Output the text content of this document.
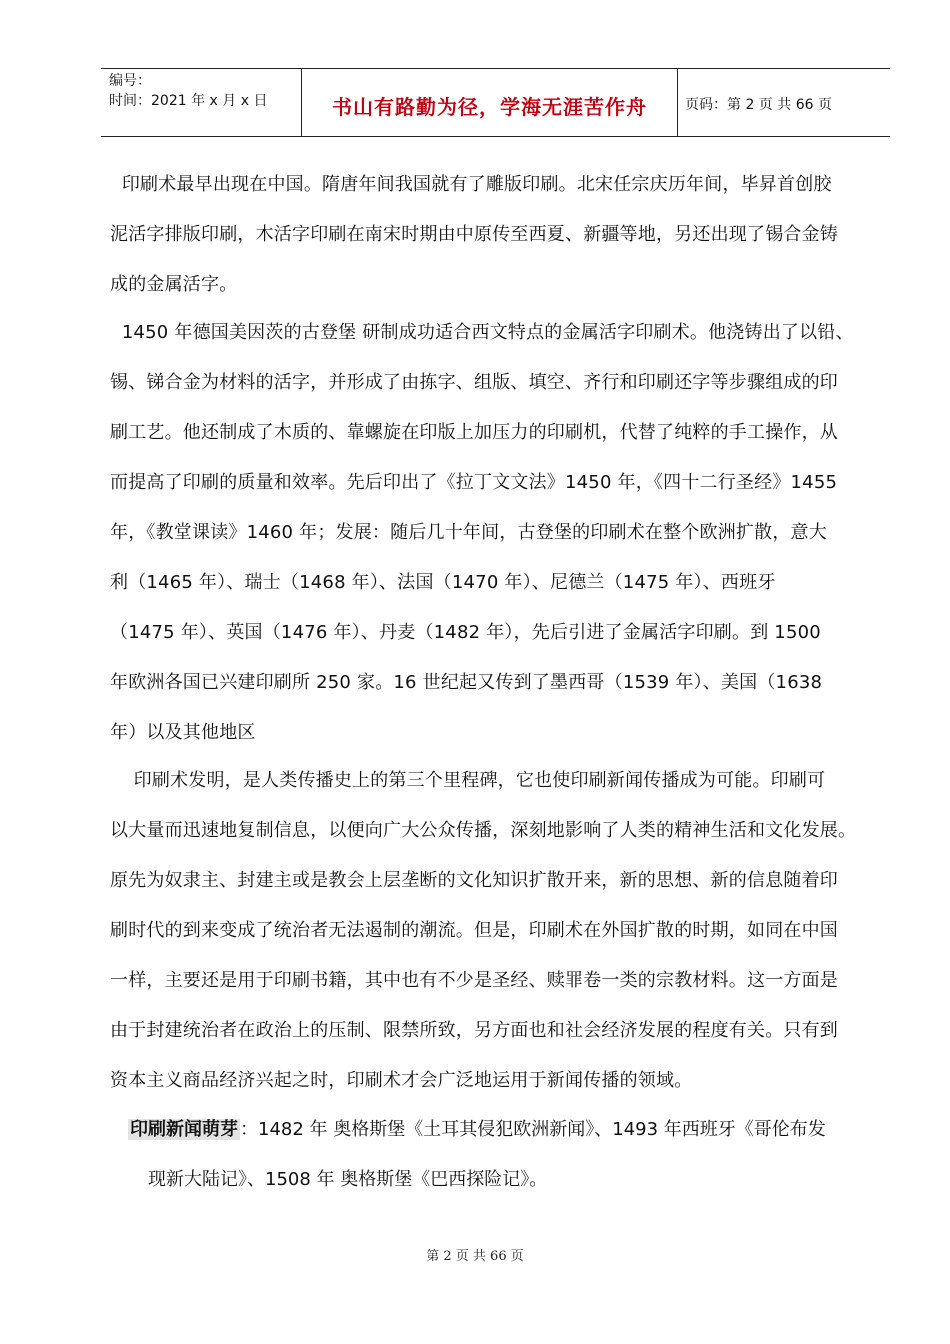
编号：
时间：2021 年 x 月 x 日	书山有路勤为径，学海无涯苦作舟	页码：第 2 页 共 66 页

印刷术最早出现在中国。隋唐年间我国就有了雕版印刷。北宋任宗庆历年间，毕昇首创胶

泥活字排版印刷，木活字印刷在南宋时期由中原传至西夏、新疆等地，另还出现了锡合金铸

成的金属活字。

1450 年德国美因茨的古登堡 研制成功适合西文特点的金属活字印刷术。他浇铸出了以铅、

锡、锑合金为材料的活字，并形成了由拣字、组版、填空、齐行和印刷还字等步骤组成的印

刷工艺。他还制成了木质的、靠螺旋在印版上加压力的印刷机，代替了纯粹的手工操作，从

而提高了印刷的质量和效率。先后印出了《拉丁文文法》1450 年，《四十二行圣经》1455

年，《教堂课读》1460 年；发展：随后几十年间，古登堡的印刷术在整个欧洲扩散，意大

利（1465 年）、瑞士（1468 年）、法国（1470 年）、尼德兰（1475 年）、西班牙

（1475 年）、英国（1476 年）、丹麦（1482 年），先后引进了金属活字印刷。到 1500

年欧洲各国已兴建印刷所 250 家。16 世纪起又传到了墨西哥（1539 年）、美国（1638

年）以及其他地区

印刷术发明，是人类传播史上的第三个里程碑，它也使印刷新闻传播成为可能。印刷可

以大量而迅速地复制信息，以便向广大公众传播，深刻地影响了人类的精神生活和文化发展。

原先为奴隶主、封建主或是教会上层垄断的文化知识扩散开来，新的思想、新的信息随着印

刷时代的到来变成了统治者无法遏制的潮流。但是，印刷术在外国扩散的时期，如同在中国

一样，主要还是用于印刷书籍，其中也有不少是圣经、赎罪卷一类的宗教材料。这一方面是

由于封建统治者在政治上的压制、限禁所致，另方面也和社会经济发展的程度有关。只有到

资本主义商品经济兴起之时，印刷术才会广泛地运用于新闻传播的领域。

印刷新闻萌芽 ：1482 年 奥格斯堡《土耳其侵犯欧洲新闻》、1493 年西班牙《哥伦布发
现新大陆记》、1508 年 奥格斯堡《巴西探险记》。
第 2 页 共 66 页
